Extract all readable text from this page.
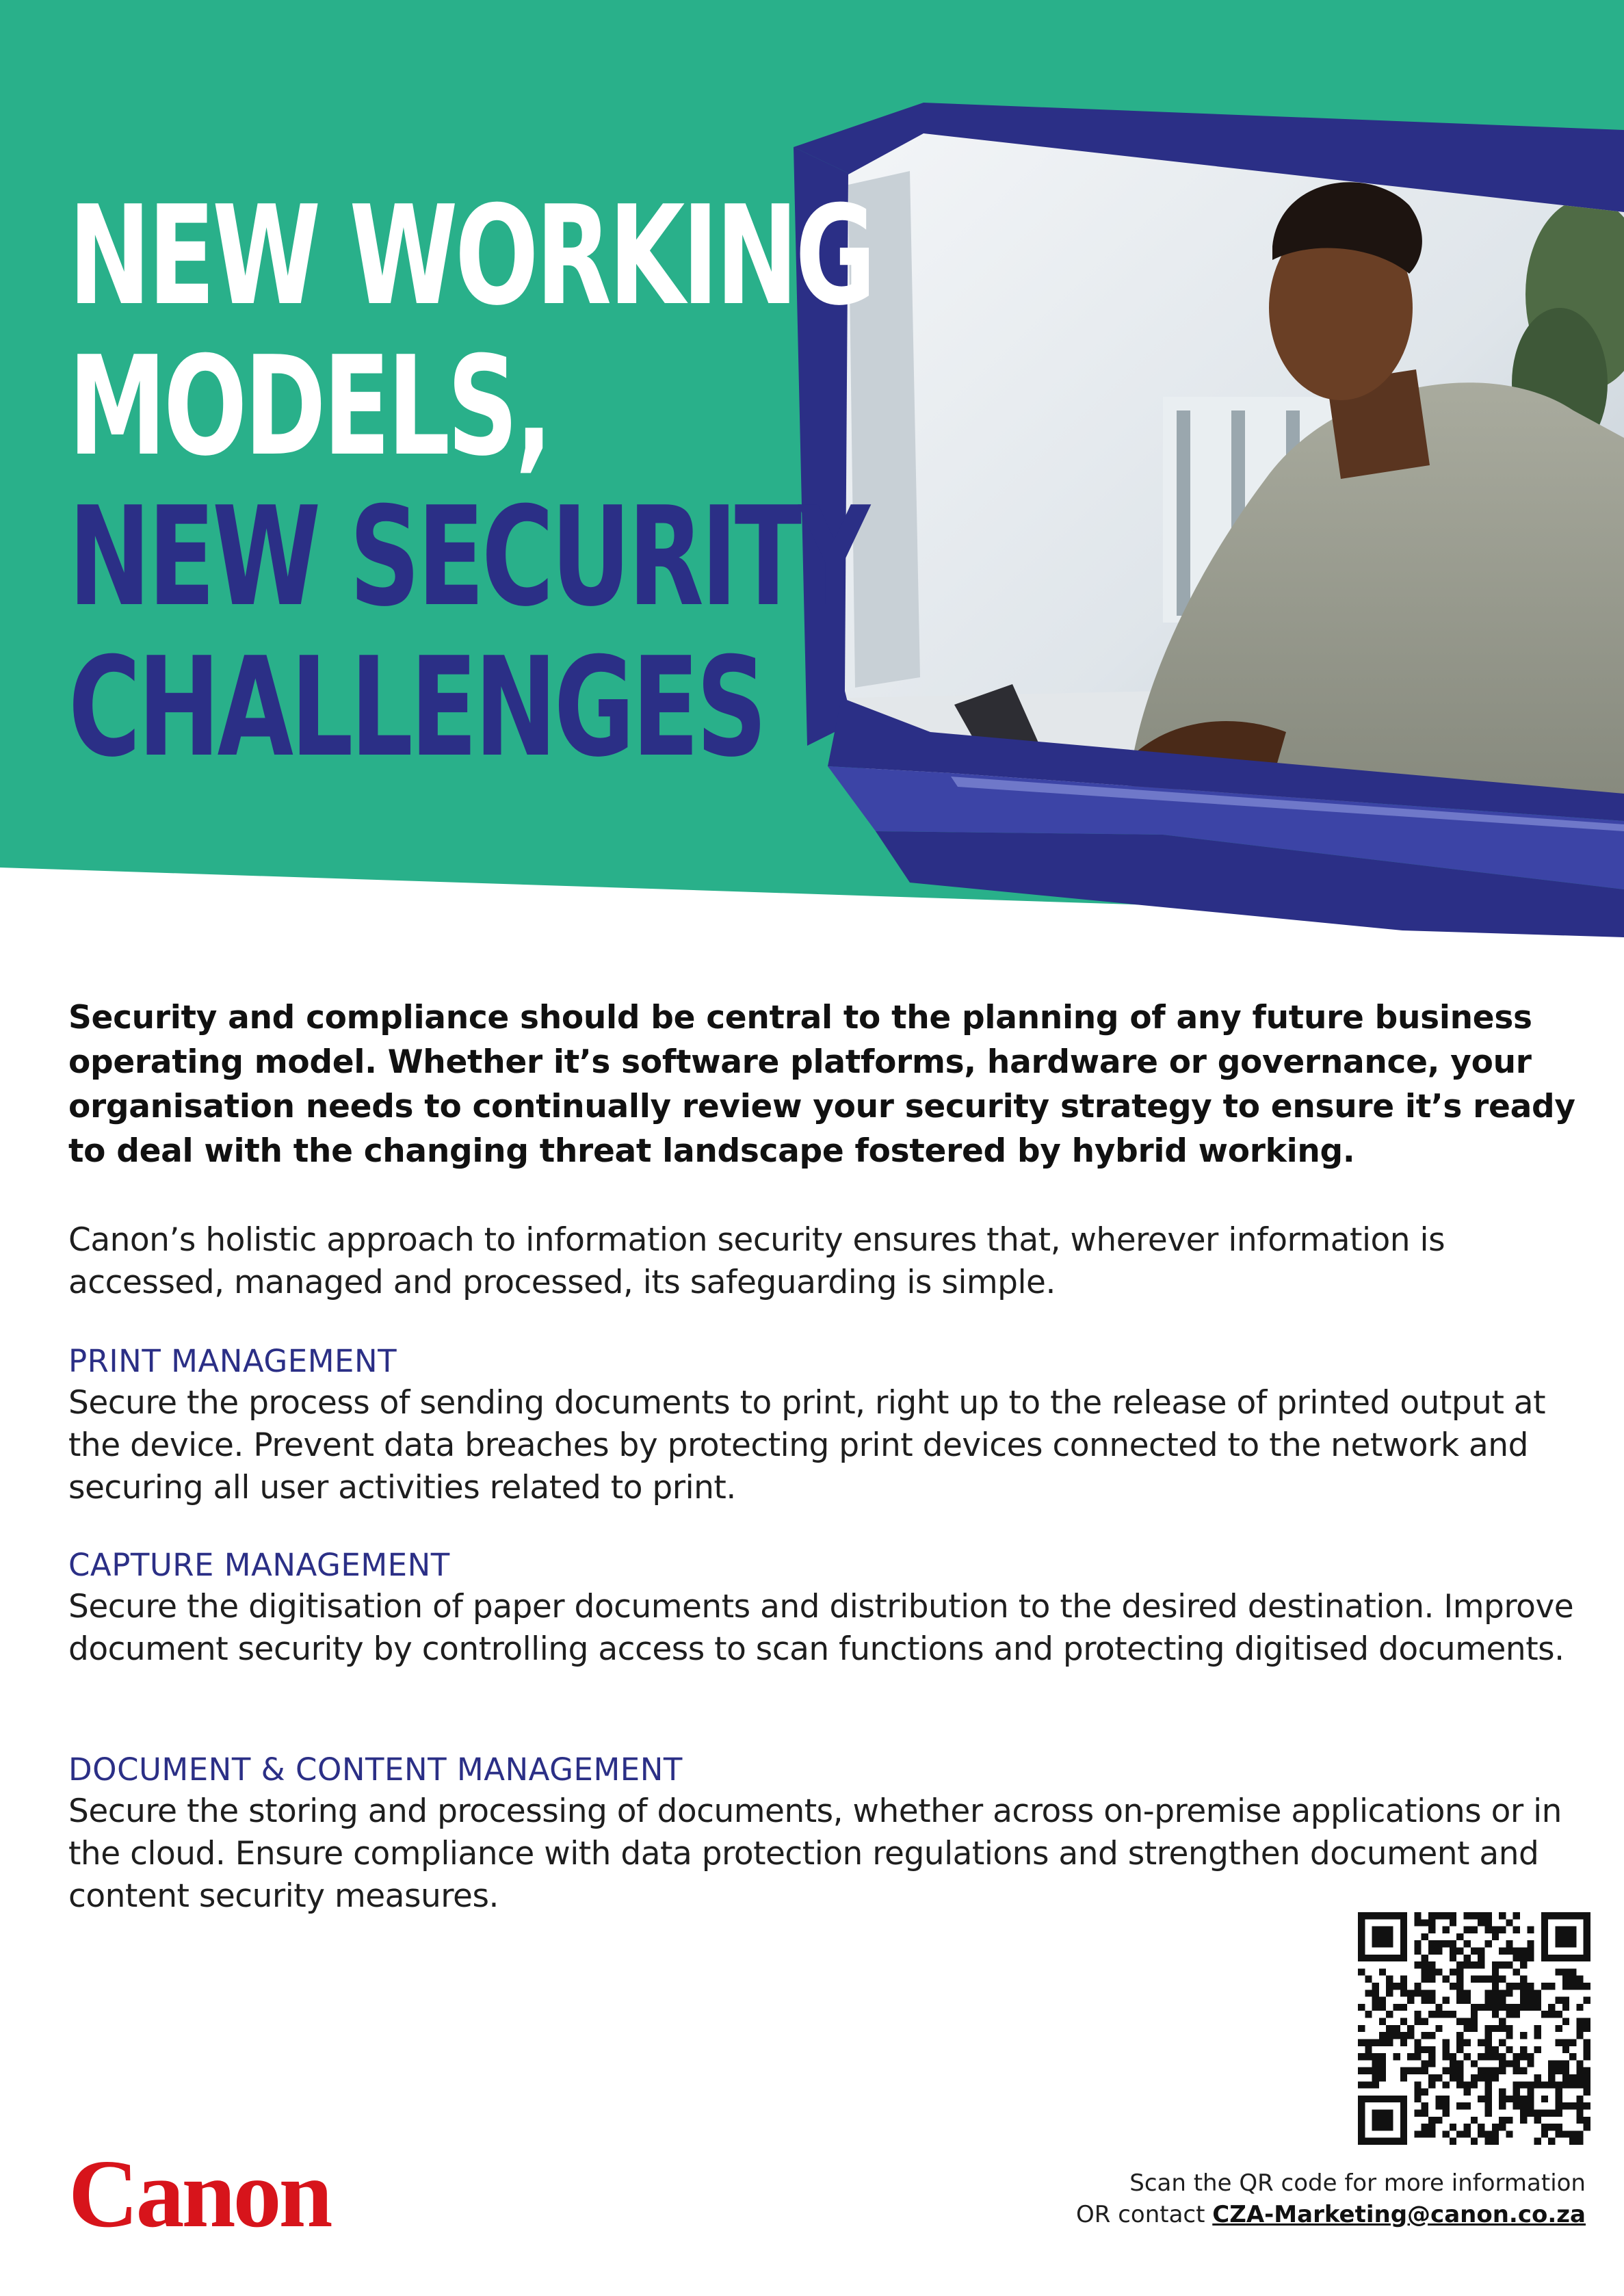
NEW WORKING
MODELS,
NEW SECURITY
CHALLENGES

Security and compliance should be central to the planning of any future business operating model. Whether it’s software platforms, hardware or governance, your organisation needs to continually review your security strategy to ensure it’s ready to deal with the changing threat landscape fostered by hybrid working.

Canon’s holistic approach to information security ensures that, wherever information is accessed, managed and processed, its safeguarding is simple.

PRINT MANAGEMENT

Secure the process of sending documents to print, right up to the release of printed output at the device. Prevent data breaches by protecting print devices connected to the network and securing all user activities related to print.

CAPTURE MANAGEMENT

Secure the digitisation of paper documents and distribution to the desired destination. Improve document security by controlling access to scan functions and protecting digitised documents.

DOCUMENT & CONTENT MANAGEMENT

Secure the storing and processing of documents, whether across on-premise applications or in the cloud. Ensure compliance with data protection regulations and strengthen document and content security measures.

Canon	Scan the QR code for more information
OR contact CZA-Marketing@canon.co.za
